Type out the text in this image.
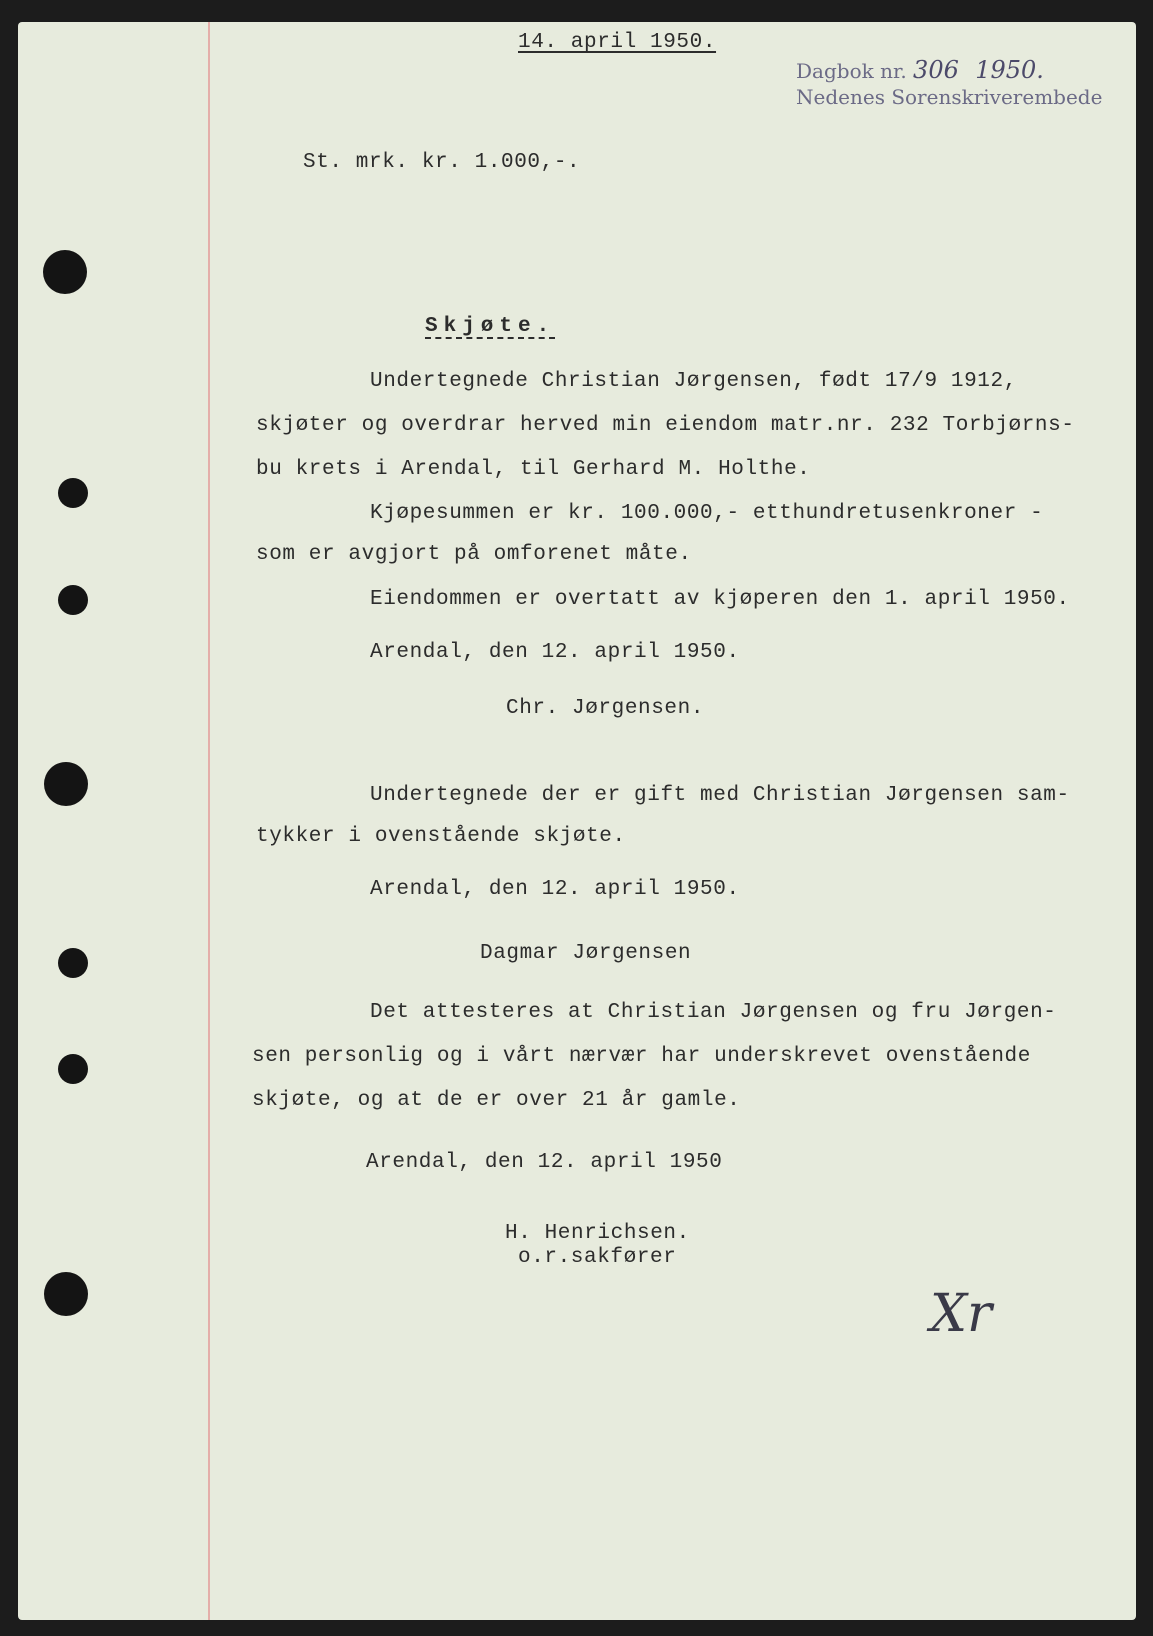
14. april 1950.
Dagbok nr. 306 1950.
Nedenes Sorenskriverembede
St. mrk. kr. 1.000,-.
Skjøte.
Undertegnede Christian Jørgensen, født 17/9 1912,
skjøter og overdrar herved min eiendom matr.nr. 232 Torbjørns-
bu krets i Arendal, til Gerhard M. Holthe.
Kjøpesummen er kr. 100.000,- etthundretusenkroner -
som er avgjort på omforenet måte.
Eiendommen er overtatt av kjøperen den 1. april 1950.
Arendal, den 12. april 1950.
Chr. Jørgensen.
Undertegnede der er gift med Christian Jørgensen sam-
tykker i ovenstående skjøte.
Arendal, den 12. april 1950.
Dagmar Jørgensen
Det attesteres at Christian Jørgensen og fru Jørgen-
sen personlig og i vårt nærvær har underskrevet ovenstående
skjøte, og at de er over 21 år gamle.
Arendal, den 12. april 1950
H. Henrichsen.
o.r.sakfører
Xr
